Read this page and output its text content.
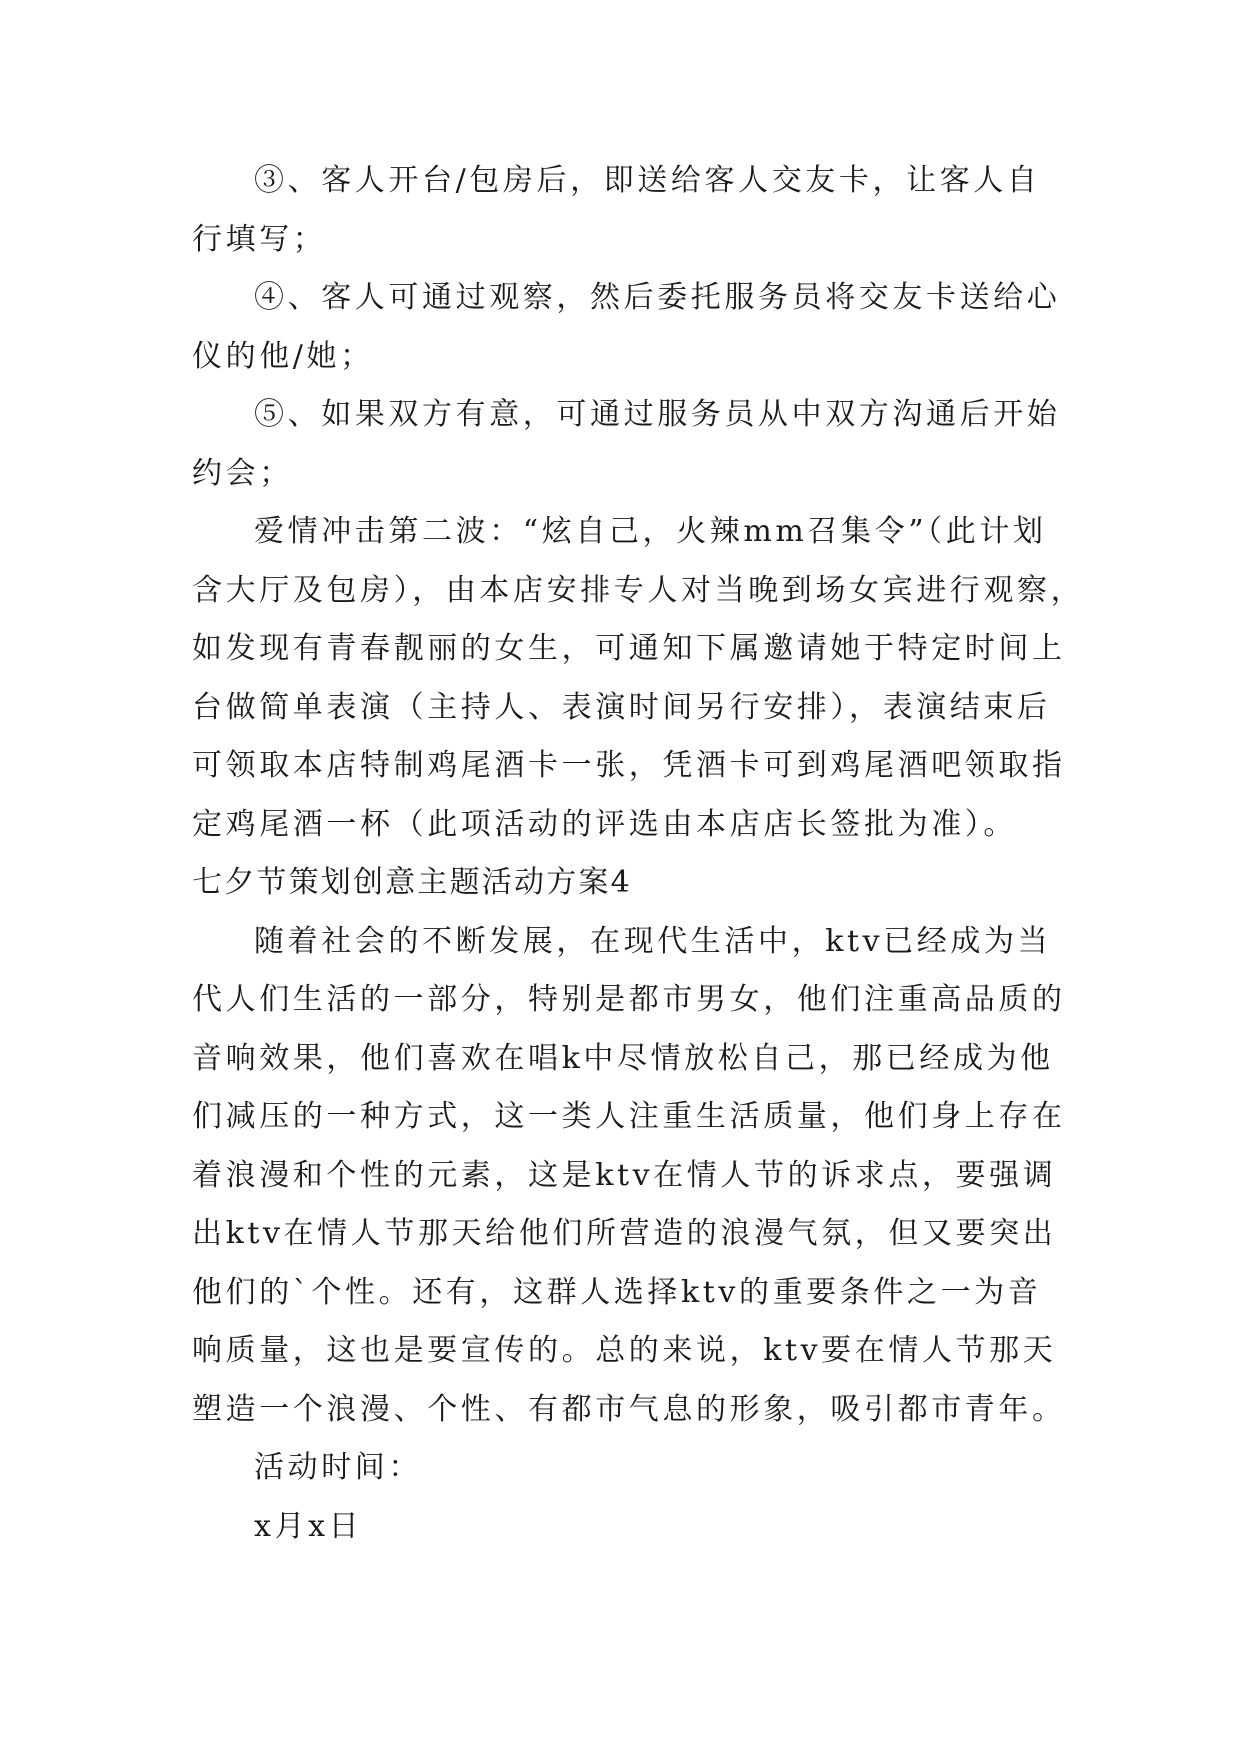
③、客人开台/包房后，即送给客人交友卡，让客人自
行填写；
④、客人可通过观察，然后委托服务员将交友卡送给心
仪的他/她；
⑤、如果双方有意，可通过服务员从中双方沟通后开始
约会；
爱情冲击第二波：“炫自己，火辣mm召集令”（此计划
含大厅及包房），由本店安排专人对当晚到场女宾进行观察，
如发现有青春靓丽的女生，可通知下属邀请她于特定时间上
台做简单表演（主持人、表演时间另行安排），表演结束后
可领取本店特制鸡尾酒卡一张，凭酒卡可到鸡尾酒吧领取指
定鸡尾酒一杯（此项活动的评选由本店店长签批为准）。
七夕节策划创意主题活动方案4
随着社会的不断发展，在现代生活中，ktv已经成为当
代人们生活的一部分，特别是都市男女，他们注重高品质的
音响效果，他们喜欢在唱k中尽情放松自己，那已经成为他
们减压的一种方式，这一类人注重生活质量，他们身上存在
着浪漫和个性的元素，这是ktv在情人节的诉求点，要强调
出ktv在情人节那天给他们所营造的浪漫气氛，但又要突出
他们的`个性。还有，这群人选择ktv的重要条件之一为音
响质量，这也是要宣传的。总的来说，ktv要在情人节那天
塑造一个浪漫、个性、有都市气息的形象，吸引都市青年。
活动时间：
x月x日
